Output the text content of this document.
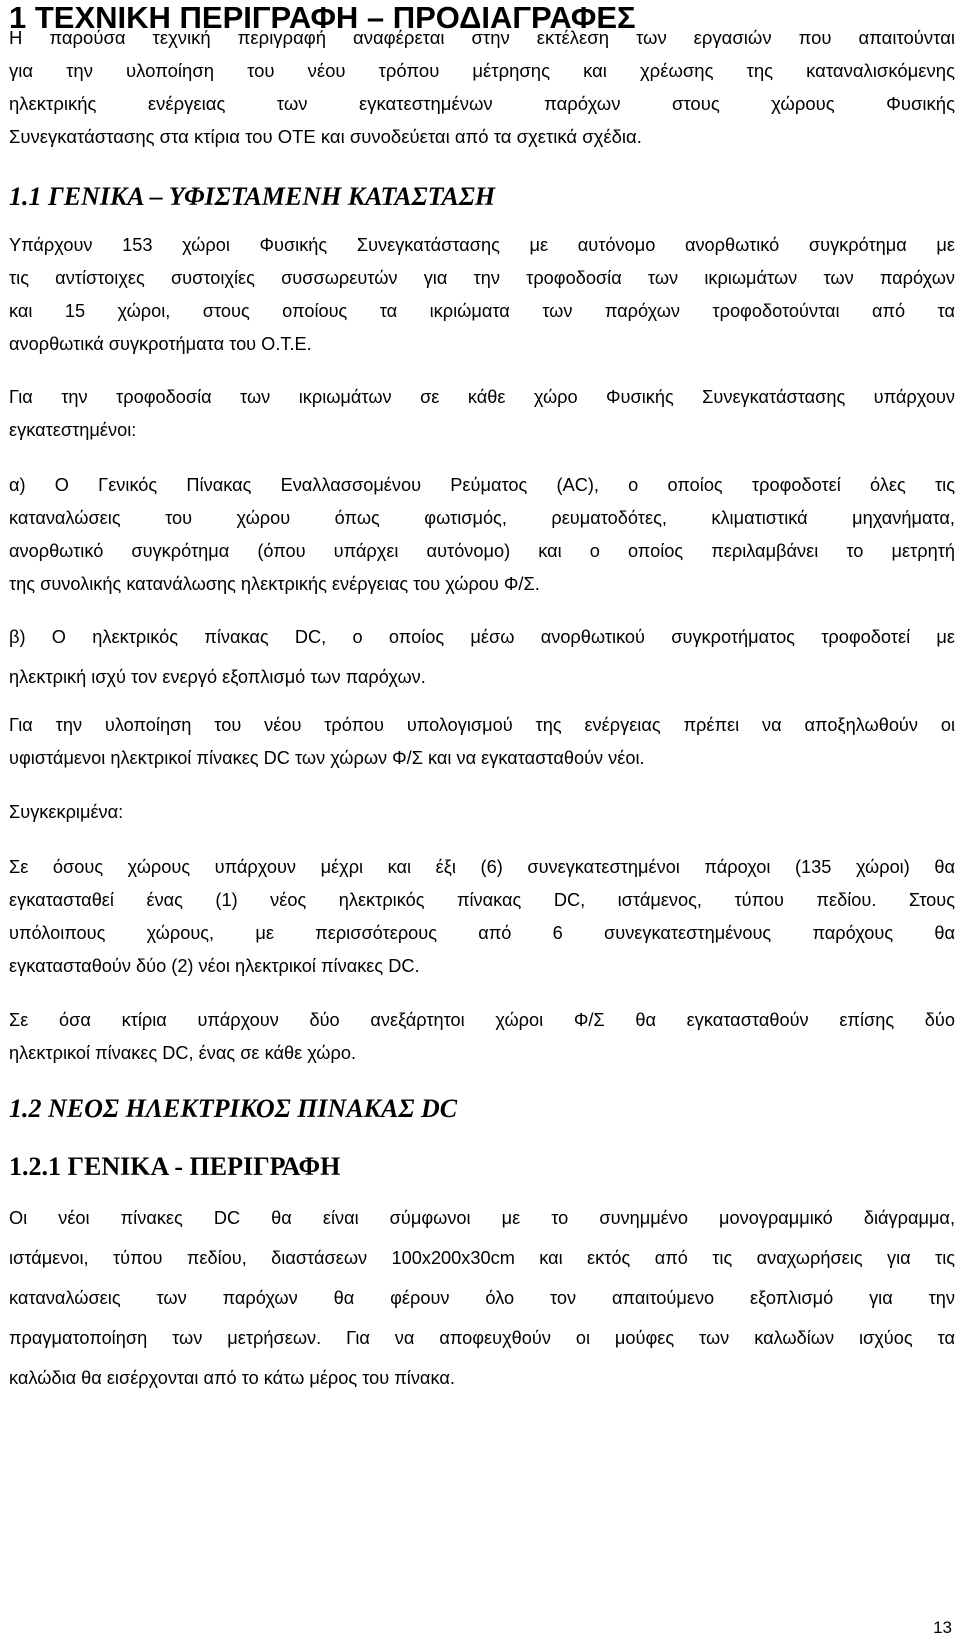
1 ΤΕΧΝΙΚΗ ΠΕΡΙΓΡΑΦΗ – ΠΡΟΔΙΑΓΡΑΦΕΣ

Η παρούσα τεχνική περιγραφή αναφέρεται στην εκτέλεση των εργασιών που απαιτούνται

για την υλοποίηση του νέου τρόπου μέτρησης και χρέωσης της καταναλισκόμενης

ηλεκτρικής ενέργειας των εγκατεστημένων παρόχων στους χώρους Φυσικής

Συνεγκατάστασης στα κτίρια του ΟΤΕ και συνοδεύεται από τα σχετικά σχέδια.

1.1 ΓΕΝΙΚΑ – ΥΦΙΣΤΑΜΕΝΗ ΚΑΤΑΣΤΑΣΗ

Υπάρχουν 153 χώροι Φυσικής Συνεγκατάστασης με αυτόνομο ανορθωτικό συγκρότημα με

τις αντίστοιχες συστοιχίες συσσωρευτών για την τροφοδοσία των ικριωμάτων των παρόχων

και 15 χώροι, στους οποίους τα ικριώματα των παρόχων τροφοδοτούνται από τα

ανορθωτικά συγκροτήματα του Ο.Τ.Ε.

Για την τροφοδοσία των ικριωμάτων σε κάθε χώρο Φυσικής Συνεγκατάστασης υπάρχουν

εγκατεστημένοι:

α) Ο Γενικός Πίνακας Εναλλασσομένου Ρεύματος (AC), ο οποίος τροφοδοτεί όλες τις

καταναλώσεις του χώρου όπως φωτισμός, ρευματοδότες, κλιματιστικά μηχανήματα,

ανορθωτικό συγκρότημα (όπου υπάρχει αυτόνομο) και ο οποίος περιλαμβάνει το μετρητή

της συνολικής κατανάλωσης ηλεκτρικής ενέργειας του χώρου Φ/Σ.

β) Ο ηλεκτρικός πίνακας DC, ο οποίος μέσω ανορθωτικού συγκροτήματος τροφοδοτεί με

ηλεκτρική ισχύ τον ενεργό εξοπλισμό των παρόχων.

Για την υλοποίηση του νέου τρόπου υπολογισμού της ενέργειας πρέπει να αποξηλωθούν οι

υφιστάμενοι ηλεκτρικοί πίνακες DC των χώρων Φ/Σ και να εγκατασταθούν νέοι.

Συγκεκριμένα:

Σε όσους χώρους υπάρχουν μέχρι και έξι (6) συνεγκατεστημένοι πάροχοι (135 χώροι) θα

εγκατασταθεί ένας (1) νέος ηλεκτρικός πίνακας DC, ιστάμενος, τύπου πεδίου. Στους

υπόλοιπους χώρους, με περισσότερους από 6 συνεγκατεστημένους παρόχους θα

εγκατασταθούν δύο (2) νέοι ηλεκτρικοί πίνακες DC.

Σε όσα κτίρια υπάρχουν δύο ανεξάρτητοι χώροι Φ/Σ θα εγκατασταθούν επίσης δύο

ηλεκτρικοί πίνακες DC, ένας σε κάθε χώρο.

1.2 ΝΕΟΣ ΗΛΕΚΤΡΙΚΟΣ ΠΙΝΑΚΑΣ DC
1.2.1 ΓΕΝΙΚΑ - ΠΕΡΙΓΡΑΦΗ

Οι νέοι πίνακες DC θα είναι σύμφωνοι με το συνημμένο μονογραμμικό διάγραμμα,

ιστάμενοι, τύπου πεδίου, διαστάσεων 100x200x30cm και εκτός από τις αναχωρήσεις για τις

καταναλώσεις των παρόχων θα φέρουν όλο τον απαιτούμενο εξοπλισμό για την

πραγματοποίηση των μετρήσεων. Για να αποφευχθούν οι μούφες των καλωδίων ισχύος τα

καλώδια θα εισέρχονται από το κάτω μέρος του πίνακα.

13
